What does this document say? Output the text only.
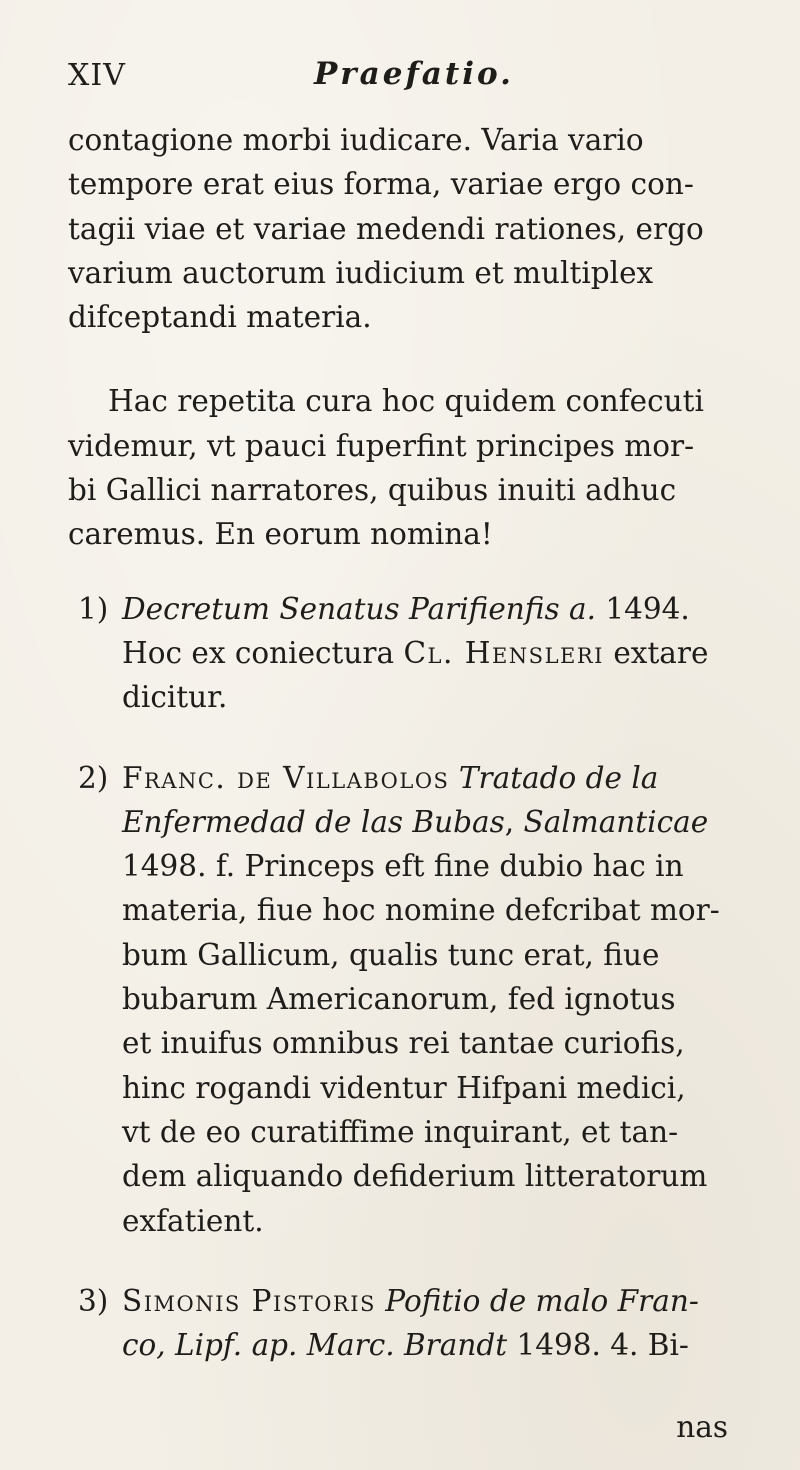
XIV	Praefatio.

contagione morbi iudicare. Varia vario
tempore erat eius forma, variae ergo con-
tagii viae et variae medendi rationes, ergo
varium auctorum iudicium et multiplex
difceptandi materia.

Hac repetita cura hoc quidem confecuti
videmur, vt pauci fuperfint principes mor-
bi Gallici narratores, quibus inuiti adhuc
caremus. En eorum nomina!

1) Decretum Senatus Parifienfis a. 1494.
Hoc ex coniectura Cl. Hensleri extare
dicitur.
2) Franc. de Villabolos Tratado de la
Enfermedad de las Bubas, Salmanticae
1498. f. Princeps eft fine dubio hac in
materia, fiue hoc nomine defcribat mor-
bum Gallicum, qualis tunc erat, fiue
bubarum Americanorum, fed ignotus
et inuifus omnibus rei tantae curiofis,
hinc rogandi videntur Hifpani medici,
vt de eo curatiffime inquirant, et tan-
dem aliquando defiderium litteratorum
exfatient.
3) Simonis Pistoris Pofitio de malo Fran-
co, Lipf. ap. Marc. Brandt 1498. 4. Bi-
nas
